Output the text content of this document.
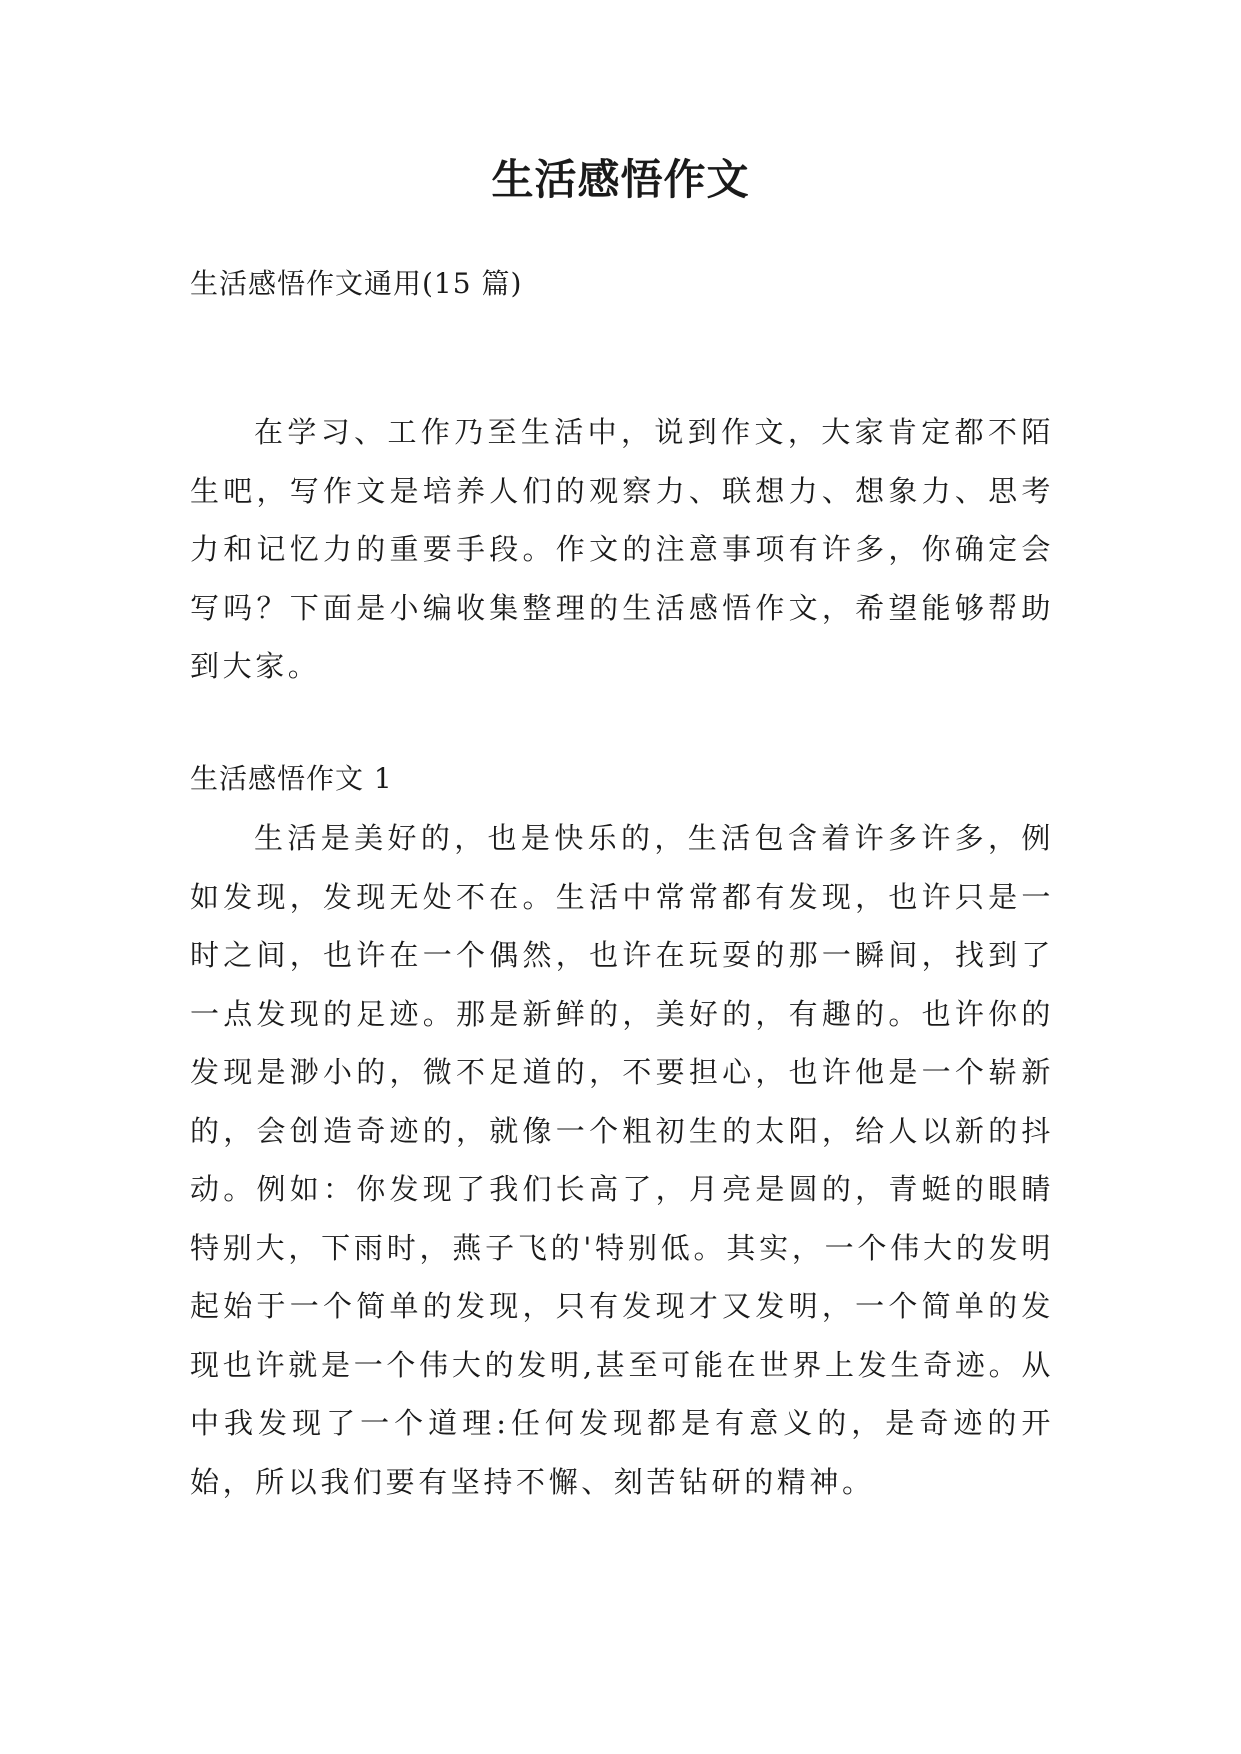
生活感悟作文
生活感悟作文通用(15 篇)

在学习、工作乃至生活中，说到作文，大家肯定都不陌生吧，写作文是培养人们的观察力、联想力、想象力、思考力和记忆力的重要手段。作文的注意事项有许多，你确定会写吗？下面是小编收集整理的生活感悟作文，希望能够帮助到大家。

生活感悟作文 1

生活是美好的，也是快乐的，生活包含着许多许多，例如发现，发现无处不在。生活中常常都有发现，也许只是一时之间，也许在一个偶然，也许在玩耍的那一瞬间，找到了一点发现的足迹。那是新鲜的，美好的，有趣的。也许你的发现是渺小的，微不足道的，不要担心，也许他是一个崭新的，会创造奇迹的，就像一个粗初生的太阳，给人以新的抖动。例如：你发现了我们长高了，月亮是圆的，青蜓的眼睛特别大，下雨时，燕子飞的'特别低。其实，一个伟大的发明起始于一个简单的发现，只有发现才又发明，一个简单的发现也许就是一个伟大的发明,甚至可能在世界上发生奇迹。从中我发现了一个道理:任何发现都是有意义的，是奇迹的开始，所以我们要有坚持不懈、刻苦钻研的精神。
